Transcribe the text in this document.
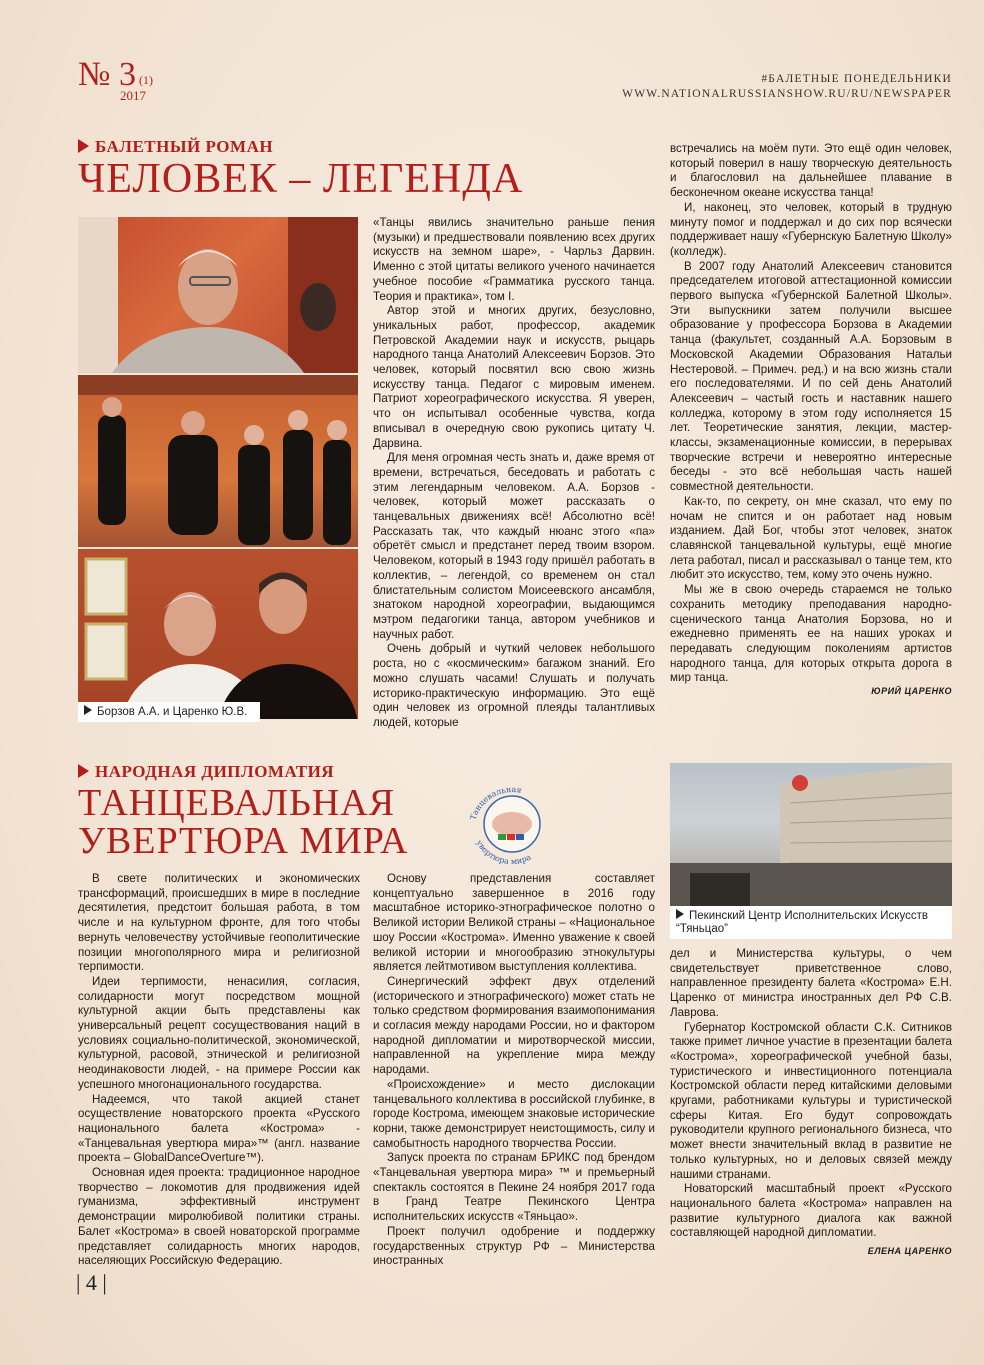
№ 3 (1)
2017
#БАЛЕТНЫЕ ПОНЕДЕЛЬНИКИ
WWW.NATIONALRUSSIANSHOW.RU/RU/NEWSPAPER
БАЛЕТНЫЙ РОМАН
ЧЕЛОВЕК – ЛЕГЕНДА
Борзов А.А. и Царенко Ю.В.

«Танцы явились значительно раньше пения (музыки) и предшествовали появлению всех других искусств на земном шаре», - Чарльз Дарвин. Именно с этой цитаты великого ученого начинается учебное пособие «Грамматика русского танца. Теория и практика», том I.

Автор этой и многих других, безусловно, уникальных работ, профессор, академик Петровской Академии наук и искусств, рыцарь народного танца Анатолий Алексеевич Борзов. Это человек, который посвятил всю свою жизнь искусству танца. Педагог с мировым именем. Патриот хореографического искусства. Я уверен, что он испытывал особенные чувства, когда вписывал в очередную свою рукопись цитату Ч. Дарвина.

Для меня огромная честь знать и, даже время от времени, встречаться, беседовать и работать с этим легендарным человеком. А.А. Борзов - человек, который может рассказать о танцевальных движениях всё! Абсолютно всё! Рассказать так, что каждый нюанс этого «па» обретёт смысл и предстанет перед твоим взором. Человеком, который в 1943 году пришёл работать в коллектив, – легендой, со временем он стал блистательным солистом Моисеевского ансамбля, знатоком народной хореографии, выдающимся мэтром педагогики танца, автором учебников и научных работ.

Очень добрый и чуткий человек небольшого роста, но с «космическим» багажом знаний. Его можно слушать часами! Слушать и получать историко-практическую информацию. Это ещё один человек из огромной плеяды талантливых людей, которые

встречались на моём пути. Это ещё один человек, который поверил в нашу творческую деятельность и благословил на дальнейшее плавание в бесконечном океане искусства танца!

И, наконец, это человек, который в трудную минуту помог и поддержал и до сих пор всячески поддерживает нашу «Губернскую Балетную Школу» (колледж).

В 2007 году Анатолий Алексеевич становится председателем итоговой аттестационной комиссии первого выпуска «Губернской Балетной Школы». Эти выпускники затем получили высшее образование у профессора Борзова в Академии танца (факультет, созданный А.А. Борзовым в Московской Академии Образования Натальи Нестеровой. – Примеч. ред.) и на всю жизнь стали его последователями. И по сей день Анатолий Алексеевич – частый гость и наставник нашего колледжа, которому в этом году исполняется 15 лет. Теоретические занятия, лекции, мастер-классы, экзаменационные комиссии, в перерывах творческие встречи и невероятно интересные беседы - это всё небольшая часть нашей совместной деятельности.

Как-то, по секрету, он мне сказал, что ему по ночам не спится и он работает над новым изданием. Дай Бог, чтобы этот человек, знаток славянской танцевальной культуры, ещё многие лета работал, писал и рассказывал о танце тем, кто любит это искусство, тем, кому это очень нужно.

Мы же в свою очередь стараемся не только сохранить методику преподавания народно-сценического танца Анатолия Борзова, но и ежедневно применять ее на наших уроках и передавать следующим поколениям артистов народного танца, для которых открыта дорога в мир танца.

ЮРИЙ ЦАРЕНКО
НАРОДНАЯ ДИПЛОМАТИЯ
ТАНЦЕВАЛЬНАЯ
УВЕРТЮРА МИРА
Танцевальная
увертюра мира
Пекинский Центр Исполнительских Искусств “Тяньцао”

В свете политических и экономических трансформаций, происшедших в мире в последние десятилетия, предстоит большая работа, в том числе и на культурном фронте, для того чтобы вернуть человечеству устойчивые геополитические позиции многополярного мира и религиозной терпимости.

Идеи терпимости, ненасилия, согласия, солидарности могут посредством мощной культурной акции быть представлены как универсальный рецепт сосуществования наций в условиях социально-политической, экономической, культурной, расовой, этнической и религиозной неодинаковости людей, - на примере России как успешного многонационального государства.

Надеемся, что такой акцией станет осуществление новаторского проекта «Русского национального балета «Кострома» - «Танцевальная увертюра мира»™ (англ. название проекта – GlobalDanceOverture™).

Основная идея проекта: традиционное народное творчество – локомотив для продвижения идей гуманизма, эффективный инструмент демонстрации миролюбивой политики страны. Балет «Кострома» в своей новаторской программе представляет солидарность многих народов, населяющих Российскую Федерацию.

Основу представления составляет концептуально завершенное в 2016 году масштабное историко-этнографическое полотно о Великой истории Великой страны – «Национальное шоу России «Кострома». Именно уважение к своей великой истории и многообразию этнокультуры является лейтмотивом выступления коллектива.

Синергический эффект двух отделений (исторического и этнографического) может стать не только средством формирования взаимопонимания и согласия между народами России, но и фактором народной дипломатии и миротворческой миссии, направленной на укрепление мира между народами.

«Происхождение» и место дислокации танцевального коллектива в российской глубинке, в городе Кострома, имеющем знаковые исторические корни, также демонстрирует неистощимость, силу и самобытность народного творчества России.

Запуск проекта по странам БРИКС под брендом «Танцевальная увертюра мира» ™ и премьерный спектакль состоятся в Пекине 24 ноября 2017 года в Гранд Театре Пекинского Центра исполнительских искусств «Тяньцао».

Проект получил одобрение и поддержку государственных структур РФ – Министерства иностранных

дел и Министерства культуры, о чем свидетельствует приветственное слово, направленное президенту балета «Кострома» Е.Н. Царенко от министра иностранных дел РФ С.В. Лаврова.

Губернатор Костромской области С.К. Ситников также примет личное участие в презентации балета «Кострома», хореографической учебной базы, туристического и инвестиционного потенциала Костромской области перед китайскими деловыми кругами, работниками культуры и туристической сферы Китая. Его будут сопровождать руководители крупного регионального бизнеса, что может внести значительный вклад в развитие не только культурных, но и деловых связей между нашими странами.

Новаторский масштабный проект «Русского национального балета «Кострома» направлен на развитие культурного диалога как важной составляющей народной дипломатии.

ЕЛЕНА ЦАРЕНКО
| 4 |
